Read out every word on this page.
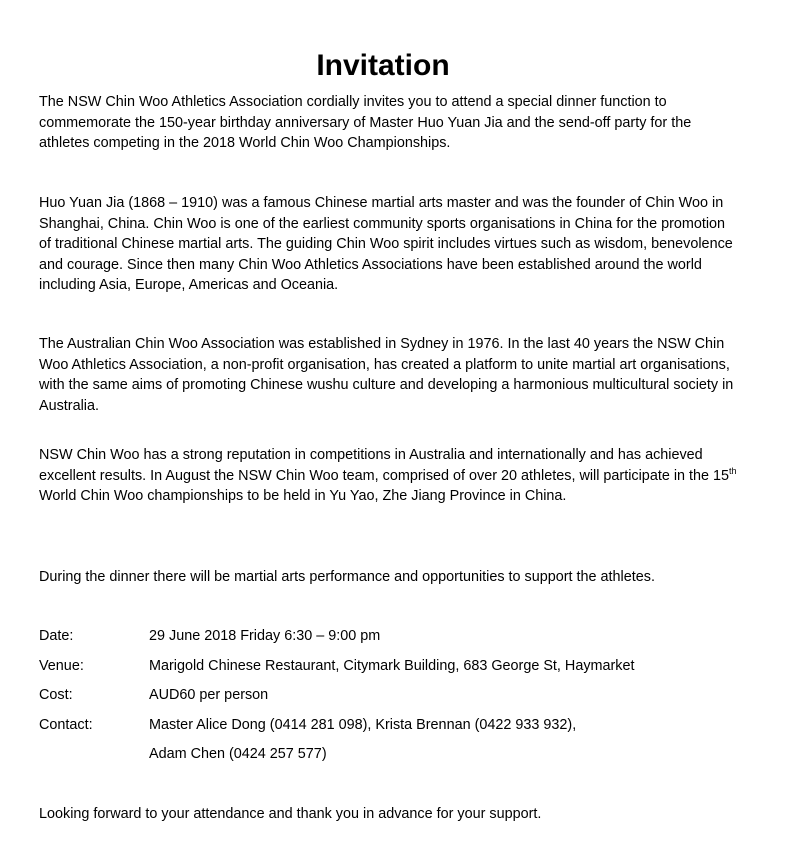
Invitation

The NSW Chin Woo Athletics Association cordially invites you to attend a special dinner function to commemorate the 150-year birthday anniversary of Master Huo Yuan Jia and the send-off party for the athletes competing in the 2018 World Chin Woo Championships.

Huo Yuan Jia (1868 – 1910) was a famous Chinese martial arts master and was the founder of Chin Woo in Shanghai, China. Chin Woo is one of the earliest community sports organisations in China for the promotion of traditional Chinese martial arts. The guiding Chin Woo spirit includes virtues such as wisdom, benevolence and courage. Since then many Chin Woo Athletics Associations have been established around the world including Asia, Europe, Americas and Oceania.

The Australian Chin Woo Association was established in Sydney in 1976. In the last 40 years the NSW Chin Woo Athletics Association, a non-profit organisation, has created a platform to unite martial art organisations, with the same aims of promoting Chinese wushu culture and developing a harmonious multicultural society in Australia.

NSW Chin Woo has a strong reputation in competitions in Australia and internationally and has achieved excellent results. In August the NSW Chin Woo team, comprised of over 20 athletes, will participate in the 15th World Chin Woo championships to be held in Yu Yao, Zhe Jiang Province in China.

During the dinner there will be martial arts performance and opportunities to support the athletes.

Date:	29 June 2018 Friday 6:30 – 9:00 pm
Venue:	Marigold Chinese Restaurant, Citymark Building, 683 George St, Haymarket
Cost:	AUD60 per person
Contact:	Master Alice Dong (0414 281 098), Krista Brennan (0422 933 932),
Adam Chen (0424 257 577)

Looking forward to your attendance and thank you in advance for your support.
